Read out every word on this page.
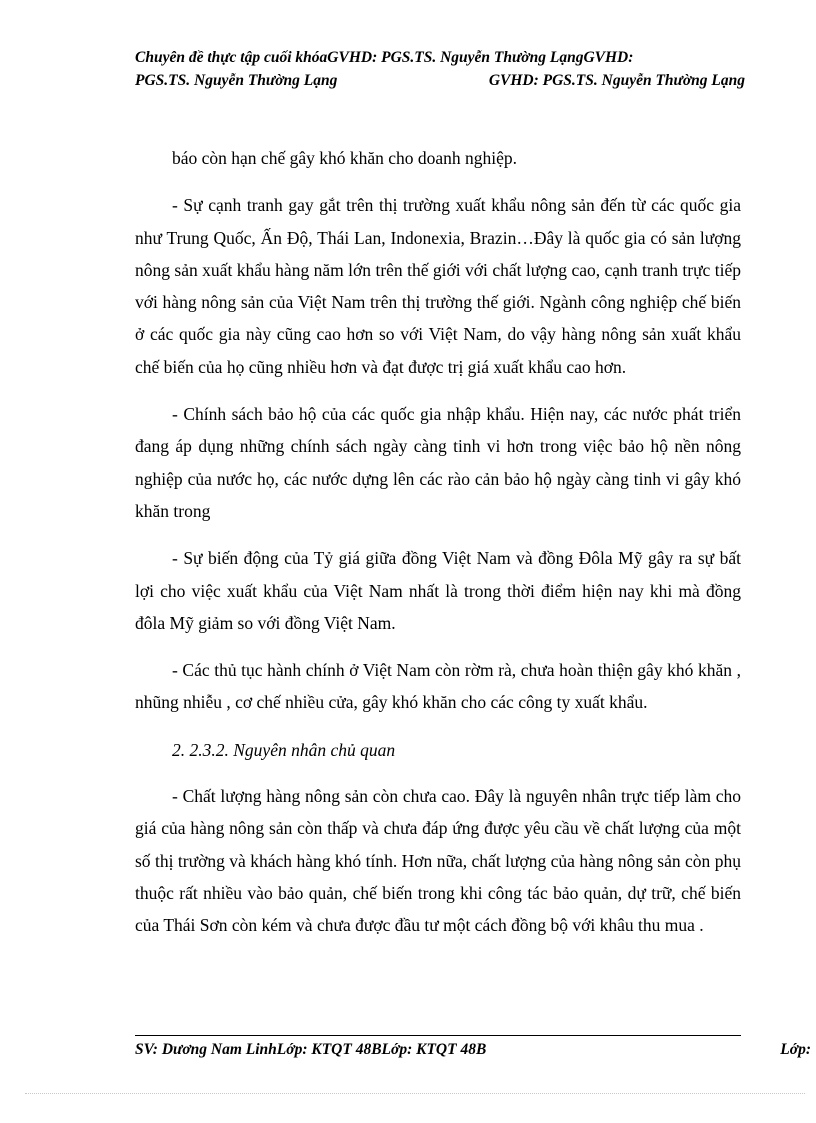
Chuyên đề thực tập cuối khóaGVHD: PGS.TS. Nguyễn Thường LạngGVHD:
PGS.TS. Nguyễn Thường Lạng	GVHD: PGS.TS. Nguyễn Thường Lạng

báo còn hạn chế gây khó khăn cho doanh nghiệp.

- Sự cạnh tranh gay gắt trên thị trường xuất khẩu nông sản đến từ các quốc gia như Trung Quốc, Ấn Độ, Thái Lan, Indonexia, Brazin…Đây là quốc gia có sản lượng nông sản xuất khẩu hàng năm lớn trên thế giới với chất lượng cao, cạnh tranh trực tiếp với hàng nông sản của Việt Nam trên thị trường thế giới. Ngành công nghiệp chế biến ở các quốc gia này cũng cao hơn so với Việt Nam, do vậy hàng nông sản xuất khẩu chế biến của họ cũng nhiều hơn và đạt được trị giá xuất khẩu cao hơn.

- Chính sách bảo hộ của các quốc gia nhập khẩu. Hiện nay, các nước phát triển đang áp dụng những chính sách ngày càng tinh vi hơn trong việc bảo hộ nền nông nghiệp của nước họ, các nước dựng lên các rào cản bảo hộ ngày càng tinh vi gây khó khăn trong

- Sự biến động của Tỷ giá giữa đồng Việt Nam và đồng Đôla Mỹ gây ra sự bất lợi cho việc xuất khẩu của Việt Nam nhất là trong thời điểm hiện nay khi mà đồng đôla Mỹ giảm so với đồng Việt Nam.

- Các thủ tục hành chính ở Việt Nam còn rờm rà, chưa hoàn thiện gây khó khăn , nhũng nhiễu , cơ chế nhiều cửa, gây khó khăn cho các công ty xuất khẩu.

2. 2.3.2. Nguyên nhân chủ quan

- Chất lượng hàng nông sản còn chưa cao. Đây là nguyên nhân trực tiếp làm cho giá của hàng nông sản còn thấp và chưa đáp ứng được yêu cầu về chất lượng của một số thị trường và khách hàng khó tính. Hơn nữa, chất lượng của hàng nông sản còn phụ thuộc rất nhiều vào bảo quản, chế biến trong khi công tác bảo quản, dự trữ, chế biến của Thái Sơn còn kém và chưa được đầu tư một cách đồng bộ với khâu thu mua .

SV: Dương Nam LinhLớp: KTQT 48BLớp: KTQT 48B	Lớp:
